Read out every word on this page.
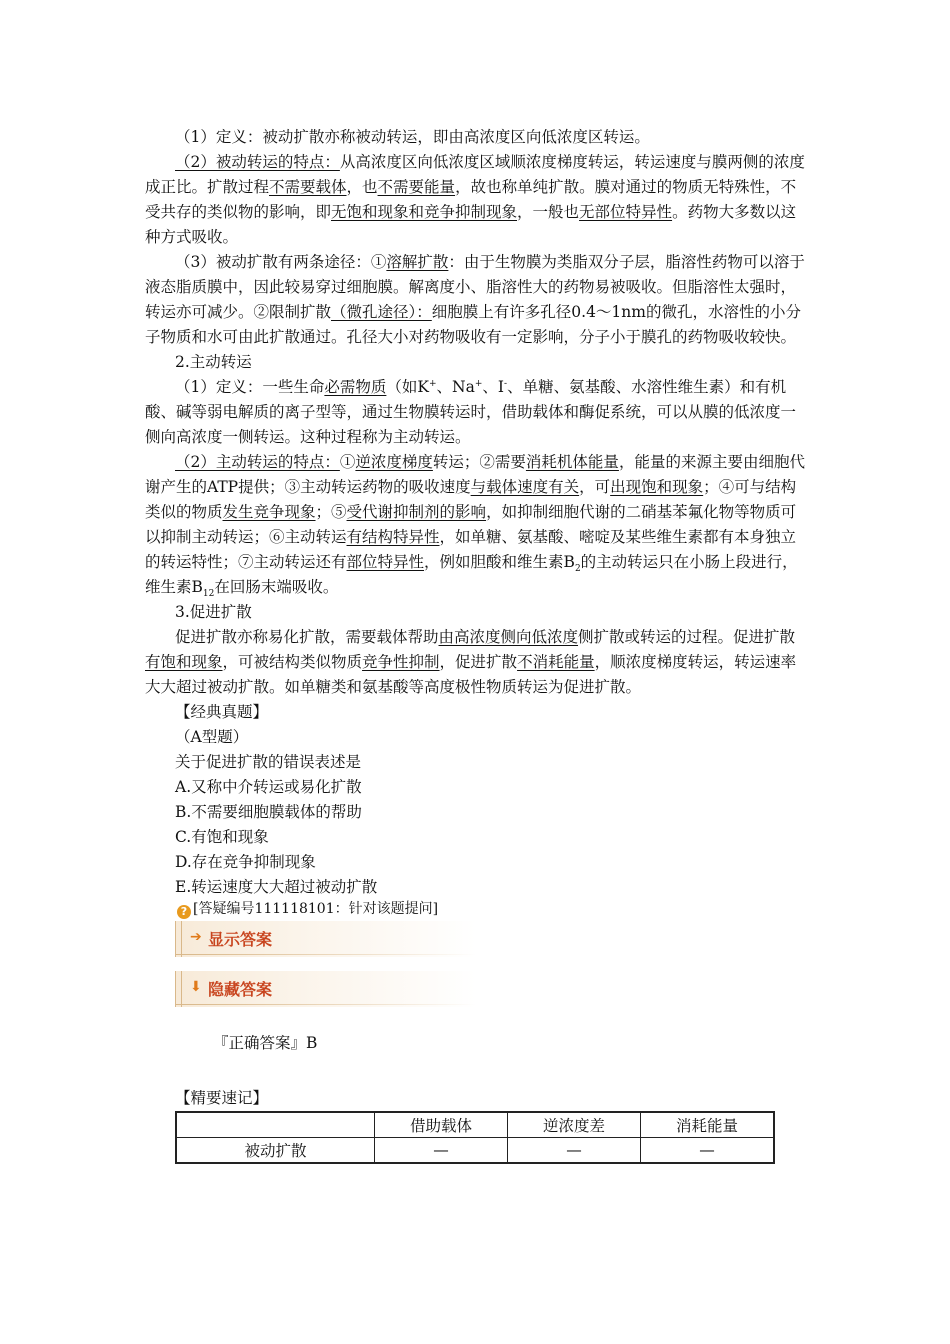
（1）定义：被动扩散亦称被动转运，即由高浓度区向低浓度区转运。

（2）被动转运的特点：从高浓度区向低浓度区域顺浓度梯度转运，转运速度与膜两侧的浓度成正比。扩散过程不需要载体，也不需要能量，故也称单纯扩散。膜对通过的物质无特殊性，不受共存的类似物的影响，即无饱和现象和竞争抑制现象，一般也无部位特异性。药物大多数以这种方式吸收。

（3）被动扩散有两条途径：①溶解扩散：由于生物膜为类脂双分子层，脂溶性药物可以溶于液态脂质膜中，因此较易穿过细胞膜。解离度小、脂溶性大的药物易被吸收。但脂溶性太强时，转运亦可减少。②限制扩散（微孔途径）：细胞膜上有许多孔径0.4～1nm的微孔，水溶性的小分子物质和水可由此扩散通过。孔径大小对药物吸收有一定影响，分子小于膜孔的药物吸收较快。

2.主动转运

（1）定义：一些生命必需物质（如K+、Na+、I-、单糖、氨基酸、水溶性维生素）和有机酸、碱等弱电解质的离子型等，通过生物膜转运时，借助载体和酶促系统，可以从膜的低浓度一侧向高浓度一侧转运。这种过程称为主动转运。

（2）主动转运的特点：①逆浓度梯度转运；②需要消耗机体能量，能量的来源主要由细胞代谢产生的ATP提供；③主动转运药物的吸收速度与载体速度有关，可出现饱和现象；④可与结构类似的物质发生竞争现象；⑤受代谢抑制剂的影响，如抑制细胞代谢的二硝基苯氟化物等物质可以抑制主动转运；⑥主动转运有结构特异性，如单糖、氨基酸、嘧啶及某些维生素都有本身独立的转运特性；⑦主动转运还有部位特异性，例如胆酸和维生素$B_2$的主动转运只在小肠上段进行，维生素$B_{12}$在回肠末端吸收。

3.促进扩散

促进扩散亦称易化扩散，需要载体帮助由高浓度侧向低浓度侧扩散或转运的过程。促进扩散有饱和现象，可被结构类似物质竞争性抑制，促进扩散不消耗能量，顺浓度梯度转运，转运速率大大超过被动扩散。如单糖类和氨基酸等高度极性物质转运为促进扩散。

【经典真题】

（A型题）

关于促进扩散的错误表述是

A.又称中介转运或易化扩散

B.不需要细胞膜载体的帮助

C.有饱和现象

D.存在竞争抑制现象

E.转运速度大大超过被动扩散

? [答疑编号111118101：针对该题提问]

➔ 显示答案
⬇ 隐藏答案

『正确答案』B

【精要速记】

	借助载体	逆浓度差	消耗能量
被动扩散	—	—	—
